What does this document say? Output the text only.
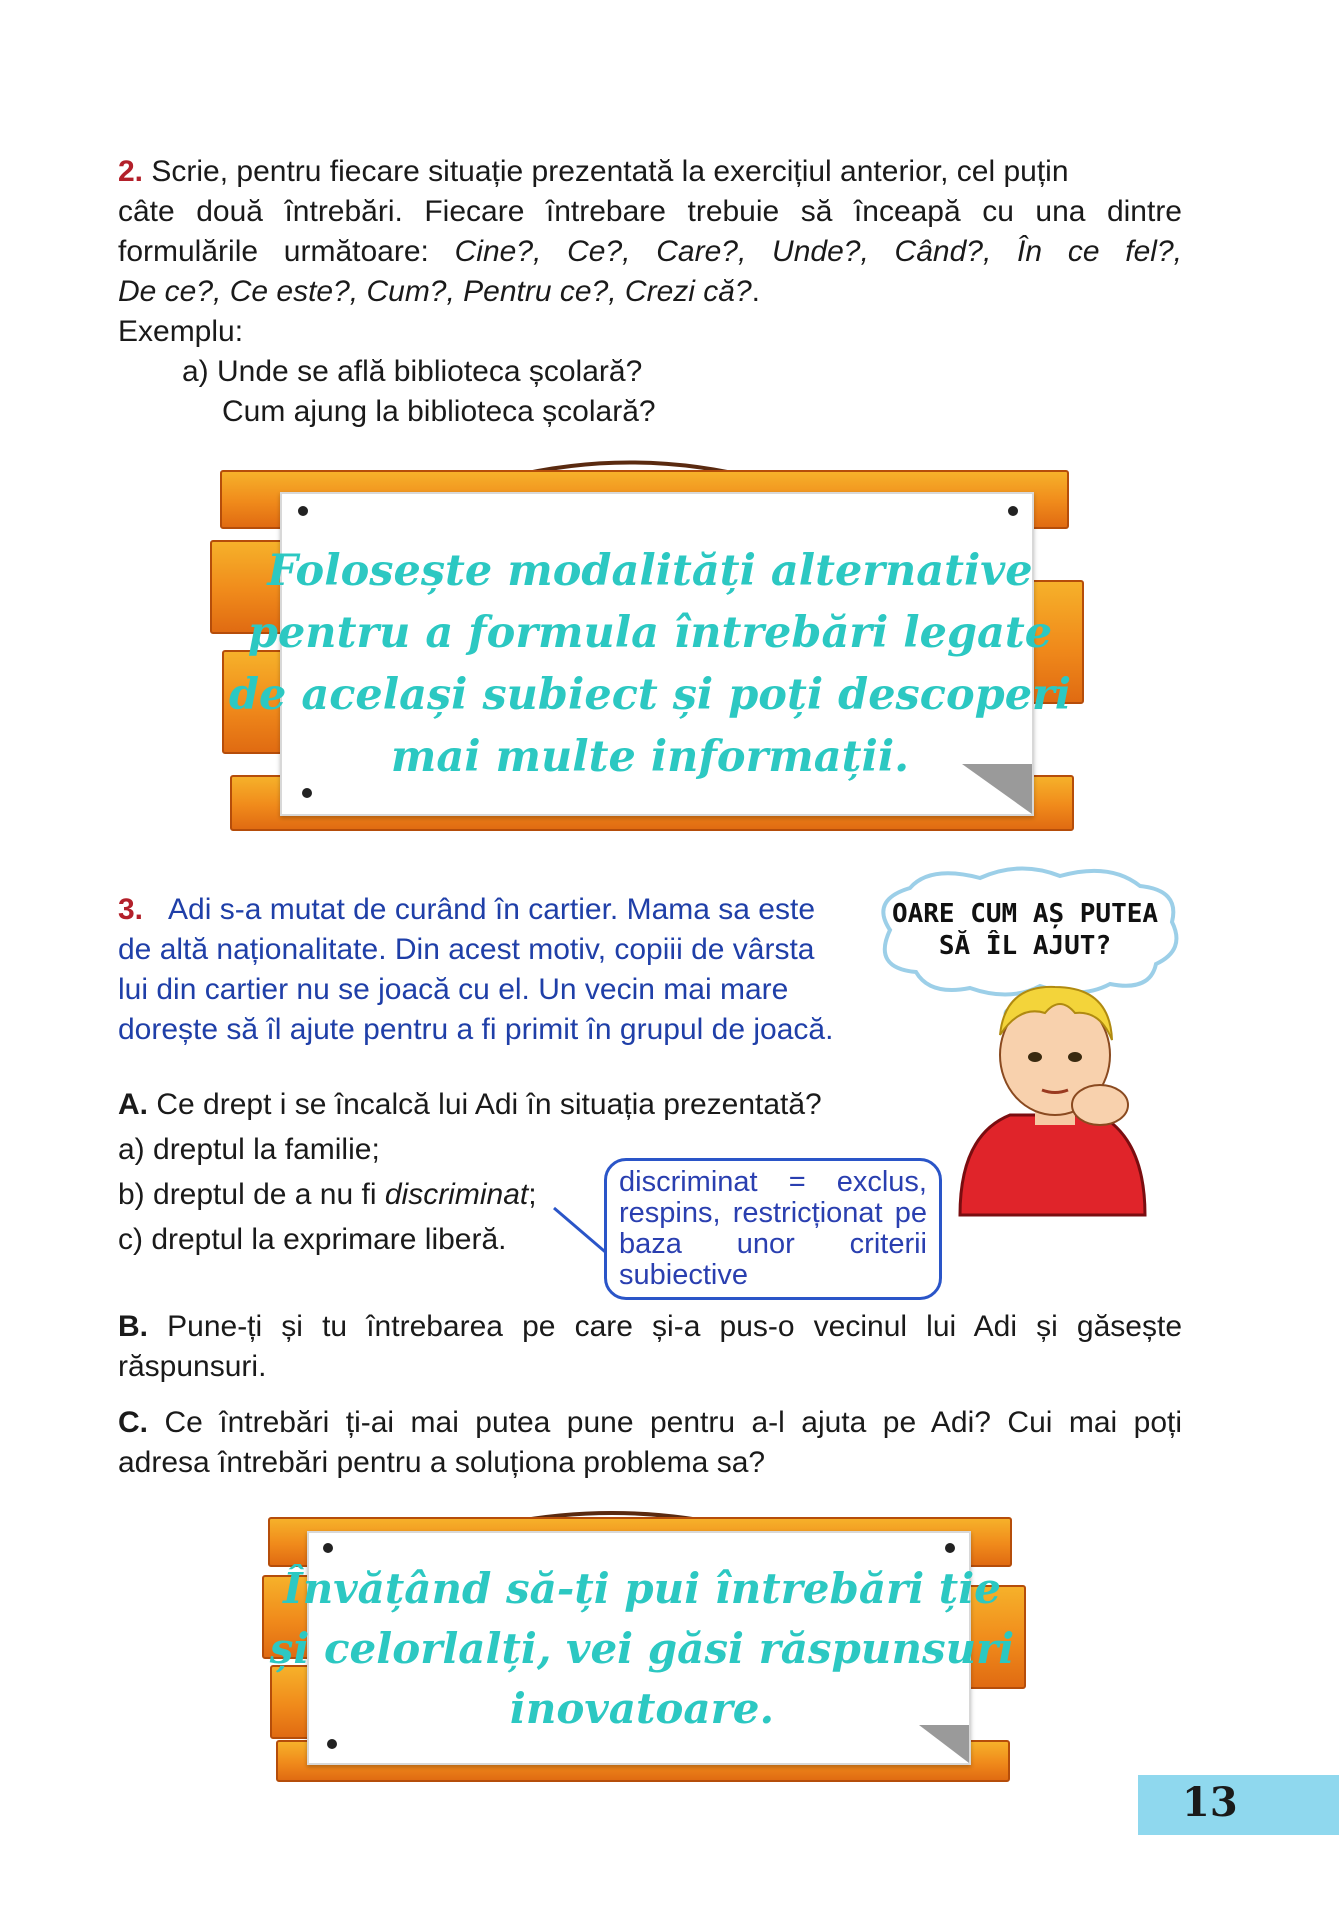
2. Scrie, pentru fiecare situație prezentată la exercițiul anterior, cel puțin
câte două întrebări. Fiecare întrebare trebuie să înceapă cu una dintre
formulările următoare: Cine?, Ce?, Care?, Unde?, Când?, În ce fel?,
De ce?, Ce este?, Cum?, Pentru ce?, Crezi că?.
Exemplu:
a) Unde se află biblioteca școlară?
Cum ajung la biblioteca școlară?
Folosește modalități alternative
pentru a formula întrebări legate
de același subiect și poți descoperi
mai multe informații.
3. Adi s-a mutat de curând în cartier. Mama sa este
de altă naționalitate. Din acest motiv, copiii de vârsta
lui din cartier nu se joacă cu el. Un vecin mai mare
dorește să îl ajute pentru a fi primit în grupul de joacă.
OARE CUM AȘ PUTEA
SĂ ÎL AJUT?
A. Ce drept i se încalcă lui Adi în situația prezentată?
a) dreptul la familie;
b) dreptul de a nu fi discriminat;
c) dreptul la exprimare liberă.
discriminat = exclus, respins, restricționat pe baza unor criterii subiective
B. Pune-ți și tu întrebarea pe care și-a pus-o vecinul lui Adi și găsește
răspunsuri.
C. Ce întrebări ți-ai mai putea pune pentru a-l ajuta pe Adi? Cui mai poți
adresa întrebări pentru a soluționa problema sa?
Învățând să-ți pui întrebări ție
și celorlalți, vei găsi răspunsuri
inovatoare.
13
